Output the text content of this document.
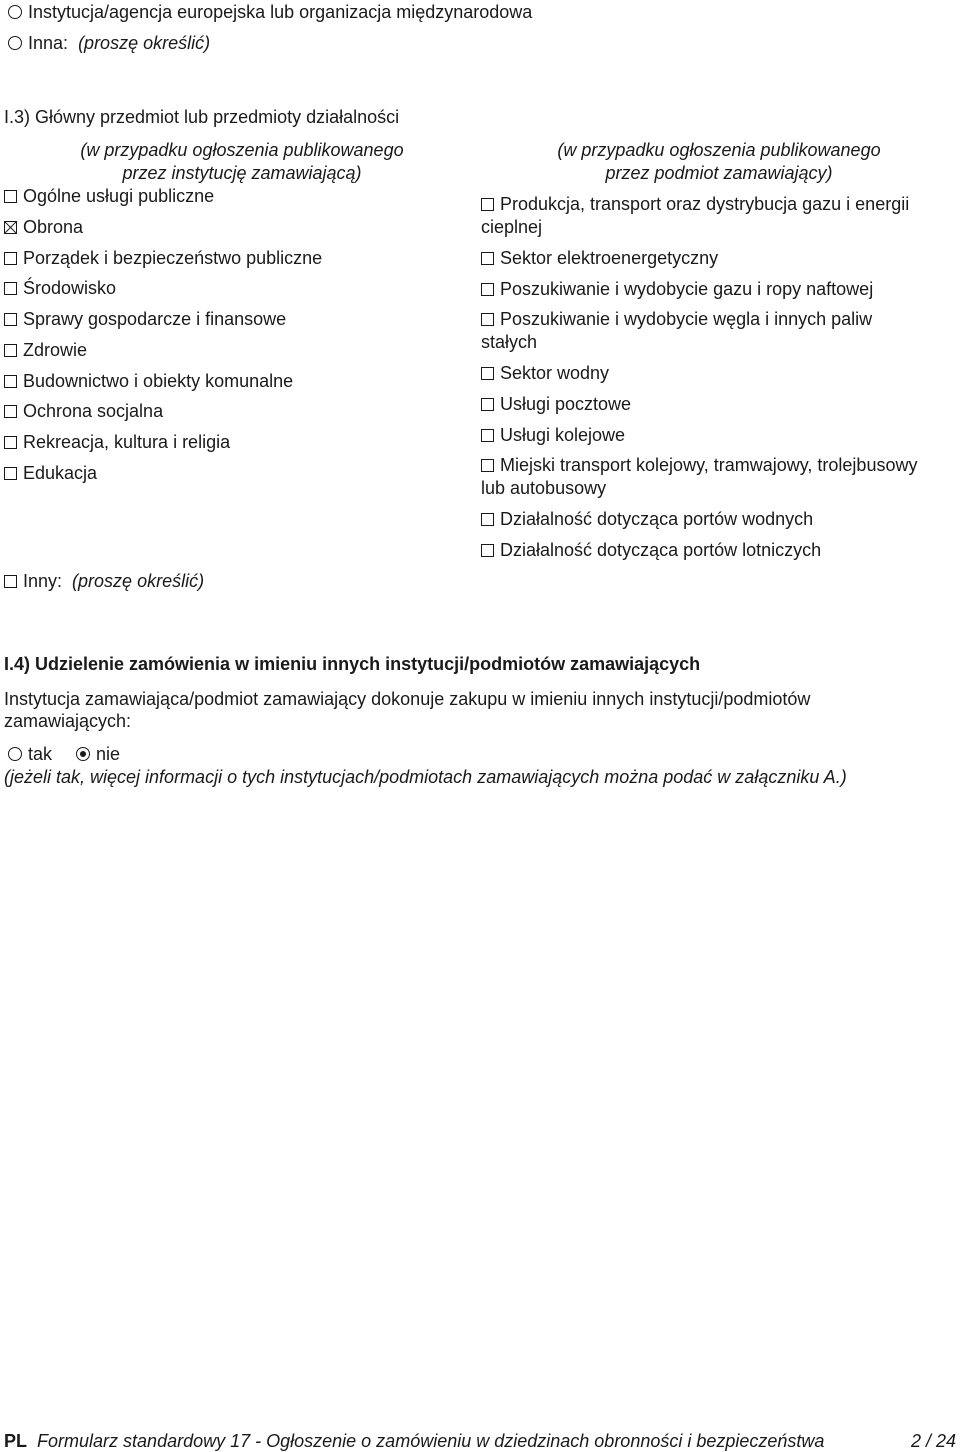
Instytucja/agencja europejska lub organizacja międzynarodowa
Inna: (proszę określić)
I.3) Główny przedmiot lub przedmioty działalności
(w przypadku ogłoszenia publikowanego
przez instytucję zamawiającą)
Ogólne usługi publiczne
Obrona
Porządek i bezpieczeństwo publiczne
Środowisko
Sprawy gospodarcze i finansowe
Zdrowie
Budownictwo i obiekty komunalne
Ochrona socjalna
Rekreacja, kultura i religia
Edukacja
Inny: (proszę określić)
(w przypadku ogłoszenia publikowanego
przez podmiot zamawiający)
Produkcja, transport oraz dystrybucja gazu i energii
cieplnej
Sektor elektroenergetyczny
Poszukiwanie i wydobycie gazu i ropy naftowej
Poszukiwanie i wydobycie węgla i innych paliw
stałych
Sektor wodny
Usługi pocztowe
Usługi kolejowe
Miejski transport kolejowy, tramwajowy, trolejbusowy
lub autobusowy
Działalność dotycząca portów wodnych
Działalność dotycząca portów lotniczych
I.4) Udzielenie zamówienia w imieniu innych instytucji/podmiotów zamawiających
Instytucja zamawiająca/podmiot zamawiający dokonuje zakupu w imieniu innych instytucji/podmiotów
zamawiających:
tak nie
(jeżeli tak, więcej informacji o tych instytucjach/podmiotach zamawiających można podać w załączniku A.)
PL Formularz standardowy 17 - Ogłoszenie o zamówieniu w dziedzinach obronności i bezpieczeństwa	2 / 24
